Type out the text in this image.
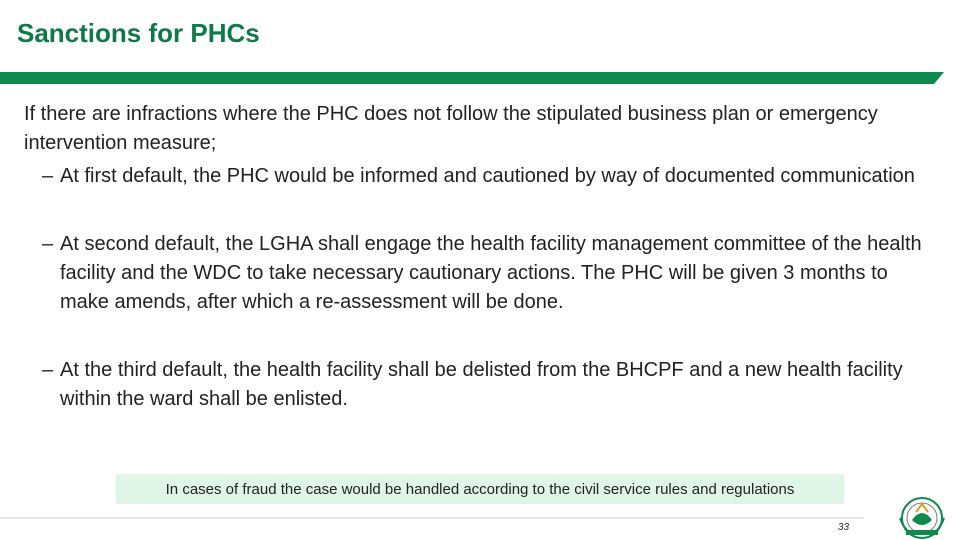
Sanctions for PHCs

If there are infractions where the PHC does not follow the stipulated business plan or emergency intervention measure;

– At first default, the PHC would be informed and cautioned by way of documented communication

– At second default, the LGHA shall engage the health facility management committee of the health facility and the WDC to take necessary cautionary actions. The PHC will be given 3 months to make amends, after which a re-assessment will be done.

– At the third default, the health facility shall be delisted from the BHCPF and a new health facility within the ward shall be enlisted.

In cases of fraud the case would be handled according to the civil service rules and regulations
33
